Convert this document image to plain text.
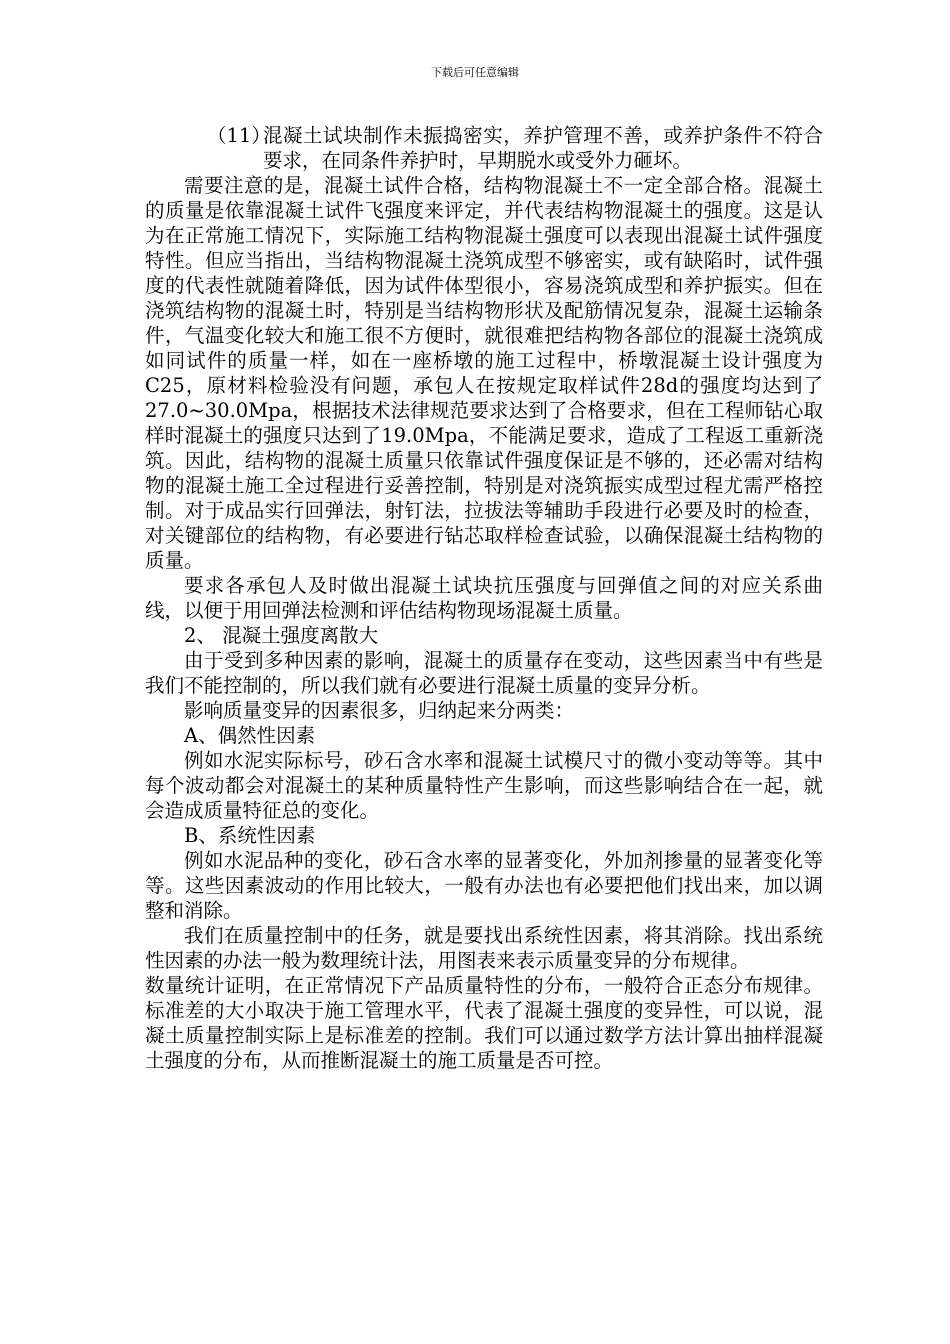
下载后可任意编辑
（11）
混凝土试块制作未振捣密实，养护管理不善，或养护条件不符合要求，在同条件养护时，早期脱水或受外力砸坏。

需要注意的是，混凝土试件合格，结构物混凝土不一定全部合格。混凝土的质量是依靠混凝土试件飞强度来评定，并代表结构物混凝土的强度。这是认为在正常施工情况下，实际施工结构物混凝土强度可以表现出混凝土试件强度特性。但应当指出，当结构物混凝土浇筑成型不够密实，或有缺陷时，试件强度的代表性就随着降低，因为试件体型很小，容易浇筑成型和养护振实。但在浇筑结构物的混凝土时，特别是当结构物形状及配筋情况复杂，混凝土运输条件，气温变化较大和施工很不方便时，就很难把结构物各部位的混凝土浇筑成如同试件的质量一样，如在一座桥墩的施工过程中，桥墩混凝土设计强度为C25，原材料检验没有问题，承包人在按规定取样试件28d的强度均达到了27.0~30.0Mpa，根据技术法律规范要求达到了合格要求，但在工程师钻心取样时混凝土的强度只达到了19.0Mpa，不能满足要求，造成了工程返工重新浇筑。因此，结构物的混凝土质量只依靠试件强度保证是不够的，还必需对结构物的混凝土施工全过程进行妥善控制，特别是对浇筑振实成型过程尤需严格控制。对于成品实行回弹法，射钉法，拉拔法等辅助手段进行必要及时的检查，对关键部位的结构物，有必要进行钻芯取样检查试验，以确保混凝土结构物的质量。

要求各承包人及时做出混凝土试块抗压强度与回弹值之间的对应关系曲线，以便于用回弹法检测和评估结构物现场混凝土质量。

2、 混凝土强度离散大

由于受到多种因素的影响，混凝土的质量存在变动，这些因素当中有些是我们不能控制的，所以我们就有必要进行混凝土质量的变异分析。

影响质量变异的因素很多，归纳起来分两类：

A、偶然性因素

例如水泥实际标号，砂石含水率和混凝土试模尺寸的微小变动等等。其中每个波动都会对混凝土的某种质量特性产生影响，而这些影响结合在一起，就会造成质量特征总的变化。

B、系统性因素

例如水泥品种的变化，砂石含水率的显著变化，外加剂掺量的显著变化等等。这些因素波动的作用比较大，一般有办法也有必要把他们找出来，加以调整和消除。

我们在质量控制中的任务，就是要找出系统性因素，将其消除。找出系统性因素的办法一般为数理统计法，用图表来表示质量变异的分布规律。

数量统计证明，在正常情况下产品质量特性的分布，一般符合正态分布规律。标准差的大小取决于施工管理水平，代表了混凝土强度的变异性，可以说，混凝土质量控制实际上是标准差的控制。我们可以通过数学方法计算出抽样混凝土强度的分布，从而推断混凝土的施工质量是否可控。
